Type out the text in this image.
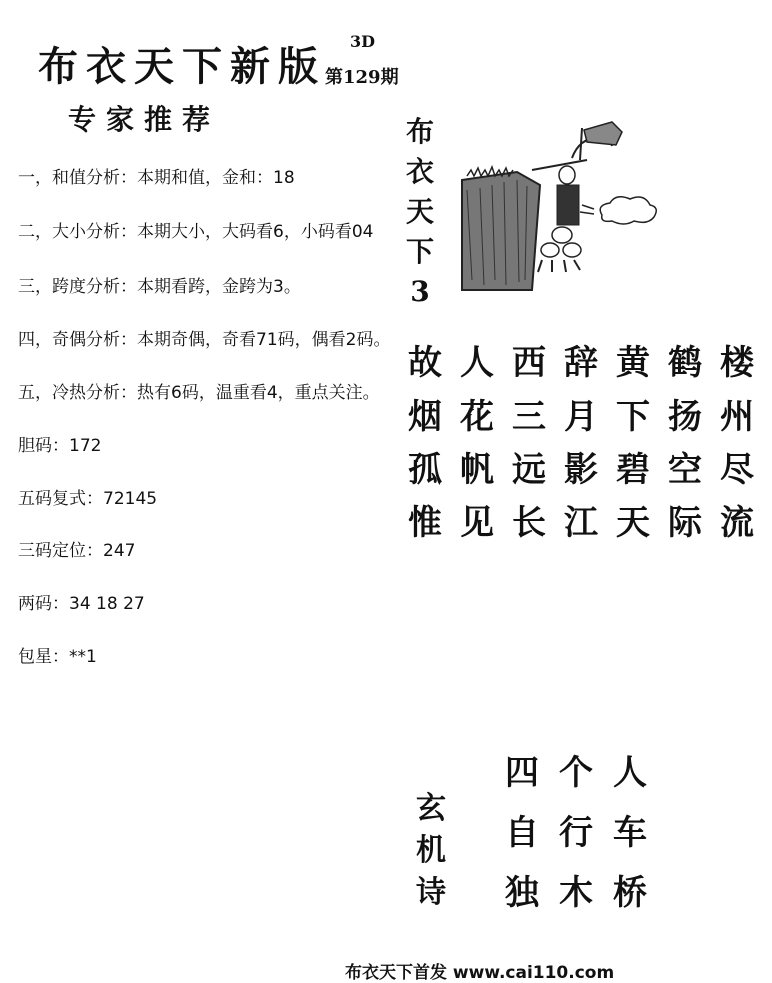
布衣天下新版
3D
第129期
专家推荐
一，和值分析：本期和值，金和：18
二，大小分析：本期大小，大码看6，小码看04
三，跨度分析：本期看跨，金跨为3。
四，奇偶分析：本期奇偶，奇看71码，偶看2码。
五，冷热分析：热有6码，温重看4，重点关注。
胆码：172
五码复式：72145
三码定位：247
两码：34 18 27
包星：**1
布
衣
天
下
3
故人西辞黄鹤楼
烟花三月下扬州
孤帆远影碧空尽
惟见长江天际流
玄
机
诗
四个人
自行车
独木桥
布衣天下首发 www.cai110.com
